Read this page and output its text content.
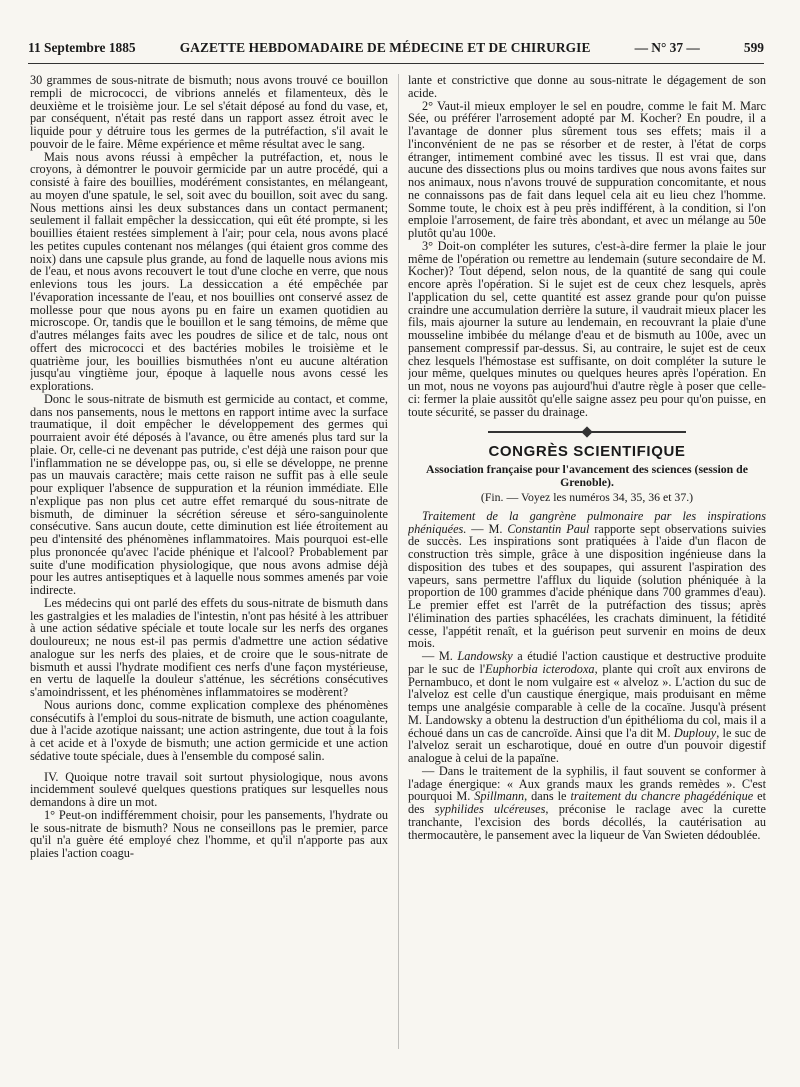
11 Septembre 1885	GAZETTE HEBDOMADAIRE DE MÉDECINE ET DE CHIRURGIE	— N° 37 —	599

30 grammes de sous-nitrate de bismuth; nous avons trouvé ce bouillon rempli de micrococci, de vibrions annelés et filamenteux, dès le deuxième et le troisième jour. Le sel s'était déposé au fond du vase, et, par conséquent, n'était pas resté dans un rapport assez étroit avec le liquide pour y détruire tous les germes de la putréfaction, s'il avait le pouvoir de le faire. Même expérience et même résultat avec le sang.

Mais nous avons réussi à empêcher la putréfaction, et, nous le croyons, à démontrer le pouvoir germicide par un autre procédé, qui a consisté à faire des bouillies, modérément consistantes, en mélangeant, au moyen d'une spatule, le sel, soit avec du bouillon, soit avec du sang. Nous mettions ainsi les deux substances dans un contact permanent; seulement il fallait empêcher la dessiccation, qui eût été prompte, si les bouillies étaient restées simplement à l'air; pour cela, nous avons placé les petites cupules contenant nos mélanges (qui étaient gros comme des noix) dans une capsule plus grande, au fond de laquelle nous avions mis de l'eau, et nous avons recouvert le tout d'une cloche en verre, que nous enlevions tous les jours. La dessiccation a été empêchée par l'évaporation incessante de l'eau, et nos bouillies ont conservé assez de mollesse pour que nous ayons pu en faire un examen quotidien au microscope. Or, tandis que le bouillon et le sang témoins, de même que d'autres mélanges faits avec les poudres de silice et de talc, nous ont offert des micrococci et des bactéries mobiles le troisième et le quatrième jour, les bouillies bismuthées n'ont eu aucune altération jusqu'au vingtième jour, époque à laquelle nous avons cessé les explorations.

Donc le sous-nitrate de bismuth est germicide au contact, et comme, dans nos pansements, nous le mettons en rapport intime avec la surface traumatique, il doit empêcher le développement des germes qui pourraient avoir été déposés à l'avance, ou être amenés plus tard sur la plaie. Or, celle-ci ne devenant pas putride, c'est déjà une raison pour que l'inflammation ne se développe pas, ou, si elle se développe, ne prenne pas un mauvais caractère; mais cette raison ne suffit pas à elle seule pour expliquer l'absence de suppuration et la réunion immédiate. Elle n'explique pas non plus cet autre effet remarqué du sous-nitrate de bismuth, de diminuer la sécrétion séreuse et séro-sanguinolente consécutive. Sans aucun doute, cette diminution est liée étroitement au peu d'intensité des phénomènes inflammatoires. Mais pourquoi est-elle plus prononcée qu'avec l'acide phénique et l'alcool? Probablement par suite d'une modification physiologique, que nous avons admise déjà pour les autres antiseptiques et à laquelle nous sommes amenés par voie indirecte.

Les médecins qui ont parlé des effets du sous-nitrate de bismuth dans les gastralgies et les maladies de l'intestin, n'ont pas hésité à les attribuer à une action sédative spéciale et toute locale sur les nerfs des organes douloureux; ne nous est-il pas permis d'admettre une action sédative analogue sur les nerfs des plaies, et de croire que le sous-nitrate de bismuth et aussi l'hydrate modifient ces nerfs d'une façon mystérieuse, en vertu de laquelle la douleur s'atténue, les sécrétions consécutives s'amoindrissent, et les phénomènes inflammatoires se modèrent?

Nous aurions donc, comme explication complexe des phénomènes consécutifs à l'emploi du sous-nitrate de bismuth, une action coagulante, due à l'acide azotique naissant; une action astringente, due tout à la fois à cet acide et à l'oxyde de bismuth; une action germicide et une action sédative toute spéciale, dues à l'ensemble du composé salin.

IV. Quoique notre travail soit surtout physiologique, nous avons incidemment soulevé quelques questions pratiques sur lesquelles nous demandons à dire un mot.

1° Peut-on indifféremment choisir, pour les pansements, l'hydrate ou le sous-nitrate de bismuth? Nous ne conseillons pas le premier, parce qu'il n'a guère été employé chez l'homme, et qu'il n'apporte pas aux plaies l'action coagu-

lante et constrictive que donne au sous-nitrate le dégagement de son acide.

2° Vaut-il mieux employer le sel en poudre, comme le fait M. Marc Sée, ou préférer l'arrosement adopté par M. Kocher? En poudre, il a l'avantage de donner plus sûrement tous ses effets; mais il a l'inconvénient de ne pas se résorber et de rester, à l'état de corps étranger, intimement combiné avec les tissus. Il est vrai que, dans aucune des dissections plus ou moins tardives que nous avons faites sur nos animaux, nous n'avons trouvé de suppuration concomitante, et nous ne connaissons pas de fait dans lequel cela ait eu lieu chez l'homme. Somme toute, le choix est à peu près indifférent, à la condition, si l'on emploie l'arrosement, de faire très abondant, et avec un mélange au 50e plutôt qu'au 100e.

3° Doit-on compléter les sutures, c'est-à-dire fermer la plaie le jour même de l'opération ou remettre au lendemain (suture secondaire de M. Kocher)? Tout dépend, selon nous, de la quantité de sang qui coule encore après l'opération. Si le sujet est de ceux chez lesquels, après l'application du sel, cette quantité est assez grande pour qu'on puisse craindre une accumulation derrière la suture, il vaudrait mieux placer les fils, mais ajourner la suture au lendemain, en recouvrant la plaie d'une mousseline imbibée du mélange d'eau et de bismuth au 100e, avec un pansement compressif par-dessus. Si, au contraire, le sujet est de ceux chez lesquels l'hémostase est suffisante, on doit compléter la suture le jour même, quelques minutes ou quelques heures après l'opération. En un mot, nous ne voyons pas aujourd'hui d'autre règle à poser que celle-ci: fermer la plaie aussitôt qu'elle saigne assez peu pour qu'on puisse, en toute sécurité, se passer du drainage.

CONGRÈS SCIENTIFIQUE
Association française pour l'avancement des sciences (session de Grenoble).
(Fin. — Voyez les numéros 34, 35, 36 et 37.)

Traitement de la gangrène pulmonaire par les inspirations phéniquées. — M. Constantin Paul rapporte sept observations suivies de succès. Les inspirations sont pratiquées à l'aide d'un flacon de construction très simple, grâce à une disposition ingénieuse dans la disposition des tubes et des soupapes, qui assurent l'aspiration des vapeurs, sans permettre l'afflux du liquide (solution phéniquée à la proportion de 100 grammes d'acide phénique dans 700 grammes d'eau). Le premier effet est l'arrêt de la putréfaction des tissus; après l'élimination des parties sphacélées, les crachats diminuent, la fétidité cesse, l'appétit renaît, et la guérison peut survenir en moins de deux mois.

— M. Landowsky a étudié l'action caustique et destructive produite par le suc de l'Euphorbia icterodoxa, plante qui croît aux environs de Pernambuco, et dont le nom vulgaire est « alveloz ». L'action du suc de l'alveloz est celle d'un caustique énergique, mais produisant en même temps une analgésie comparable à celle de la cocaïne. Jusqu'à présent M. Landowsky a obtenu la destruction d'un épithélioma du col, mais il a échoué dans un cas de cancroïde. Ainsi que l'a dit M. Duplouy, le suc de l'alveloz serait un escharotique, doué en outre d'un pouvoir digestif analogue à celui de la papaïne.

— Dans le traitement de la syphilis, il faut souvent se conformer à l'adage énergique: « Aux grands maux les grands remèdes ». C'est pourquoi M. Spillmann, dans le traitement du chancre phagédénique et des syphilides ulcéreuses, préconise le raclage avec la curette tranchante, l'excision des bords décollés, la cautérisation au thermocautère, le pansement avec la liqueur de Van Swieten dédoublée.
